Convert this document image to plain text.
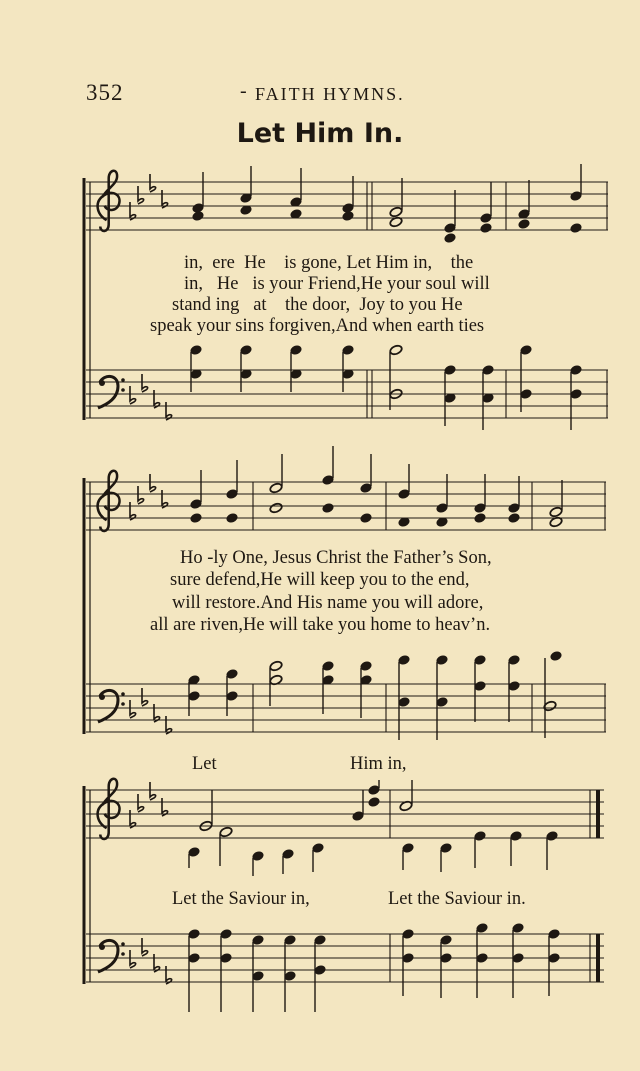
352	- FAITH HYMNS.
Let Him In.
in,  ere  He    is gone, Let Him in,    the
in,   He   is your Friend,He your soul will
stand ing   at    the door,  Joy to you He
speak your sins forgiven,And when earth ties
Ho -ly One, Jesus Christ the Father’s Son,
sure defend,He will keep you to the end,
will restore.And His name you will adore,
all are riven,He will take you home to heav’n.
Let	Him in,
Let the Saviour in,	Let the Saviour in.
